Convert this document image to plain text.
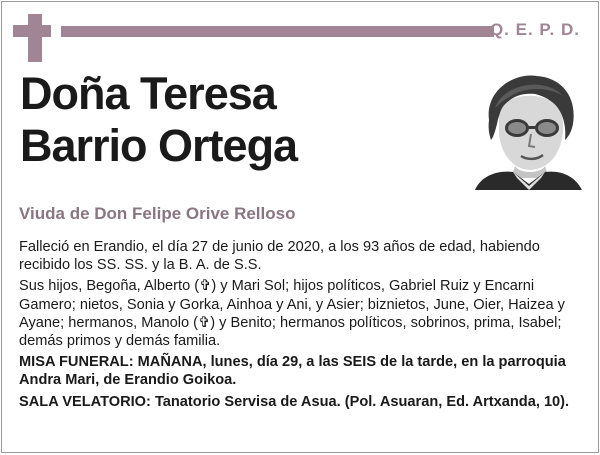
Q. E. P. D.
Doña Teresa
Barrio Ortega
Viuda de Don Felipe Orive Relloso

Falleció en Erandio, el día 27 de junio de 2020, a los 93 años de edad, habiendo recibido los SS. SS. y la B. A. de S.S.

Sus hijos, Begoña, Alberto (✞) y Mari Sol; hijos políticos, Gabriel Ruiz y Encarni Gamero; nietos, Sonia y Gorka, Ainhoa y Ani, y Asier; biznietos, June, Oier, Haizea y Ayane; hermanos, Manolo (✞) y Benito; hermanos políticos, sobrinos, prima, Isabel; demás primos y demás familia.

MISA FUNERAL: MAÑANA, lunes, día 29, a las SEIS de la tarde, en la parroquia Andra Mari, de Erandio Goikoa.

SALA VELATORIO: Tanatorio Servisa de Asua. (Pol. Asuaran, Ed. Artxanda, 10).
